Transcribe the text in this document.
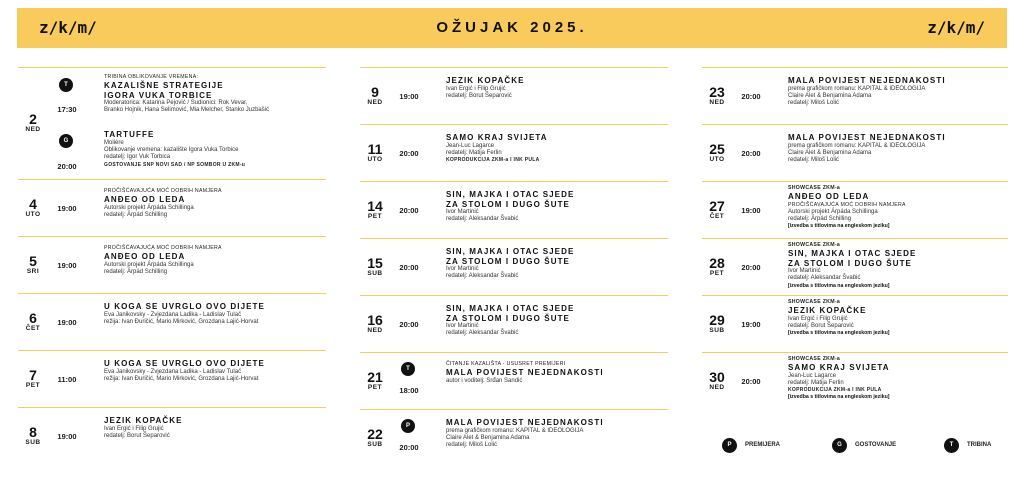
z/k/m/	OŽUJAK 2025.	z/k/m/
2
NED
T
17:30
TRIBINA OBLIKOVANJE VREMENA:
KAZALIŠNE STRATEGIJE
IGORA VUKA TORBICE
Moderatorica: Katarina Pejović / Sudionici: Rok Vevar,
Branko Hojnik, Hana Selimović, Mia Melcher, Stanko Juzbašić
G
20:00
TARTUFFE
Molière
Oblikovanje vremena: kazalište Igora Vuka Torbice
redatelj: Igor Vuk Torbica
GOSTOVANJE SNP NOVI SAD / NP SOMBOR U ZKM-u
4
UTO
19:00
PROČIŠĆAVAJUĆA MOĆ DOBRIH NAMJERA
ANĐEO OD LEDA
Autorski projekt Árpáda Schillinga
redatelj: Árpád Schilling
5
SRI
19:00
PROČIŠĆAVAJUĆA MOĆ DOBRIH NAMJERA
ANĐEO OD LEDA
Autorski projekt Árpáda Schillinga
redatelj: Árpád Schilling
6
ČET
19:00
U KOGA SE UVRGLO OVO DIJETE
Eva Janikovsky - Zvjezdana Ladika - Ladislav Tulač
režija: Ivan Đuričić, Mario Mirković, Grozdana Lajić-Horvat
7
PET
11:00
U KOGA SE UVRGLO OVO DIJETE
Eva Janikovsky - Zvjezdana Ladika - Ladislav Tulač
režija: Ivan Đuričić, Mario Mirković, Grozdana Lajić-Horvat
8
SUB
19:00
JEZIK KOPAČKE
Ivan Ergić i Filip Grujić
redatelj: Borut Šeparović
9
NED
19:00
JEZIK KOPAČKE
Ivan Ergić i Filip Grujić
redatelj: Borut Šeparović
11
UTO
20:00
SAMO KRAJ SVIJETA
Jean-Luc Lagarce
redatelj: Matija Ferlin
KOPRODUKCIJA ZKM-a I INK PULA
14
PET
20:00
SIN, MAJKA I OTAC SJEDE
ZA STOLOM I DUGO ŠUTE
Ivor Martinić
redatelj: Aleksandar Švabić
15
SUB
20:00
SIN, MAJKA I OTAC SJEDE
ZA STOLOM I DUGO ŠUTE
Ivor Martinić
redatelj: Aleksandar Švabić
16
NED
20:00
SIN, MAJKA I OTAC SJEDE
ZA STOLOM I DUGO ŠUTE
Ivor Martinić
redatelj: Aleksandar Švabić
21
PET
T
18:00
ČITANJE KAZALIŠTA - USUSRET PREMIJERI
MALA POVIJEST NEJEDNAKOSTI
autor i voditelj: Srđan Sandić
22
SUB
P
20:00
MALA POVIJEST NEJEDNAKOSTI
prema grafičkom romanu: KAPITAL & IDEOLOGIJA
Claire Alet & Benjamina Adama
redatelj: Miloš Lolić
23
NED
20:00
MALA POVIJEST NEJEDNAKOSTI
prema grafičkom romanu: KAPITAL & IDEOLOGIJA
Claire Alet & Benjamina Adama
redatelj: Miloš Lolić
25
UTO
20:00
MALA POVIJEST NEJEDNAKOSTI
prema grafičkom romanu: KAPITAL & IDEOLOGIJA
Claire Alet & Benjamina Adama
redatelj: Miloš Lolić
27
ČET
19:00
SHOWCASE ZKM-a
ANĐEO OD LEDA
PROČIŠĆAVAJUĆA MOĆ DOBRIH NAMJERA
Autorski projekt Árpáda Schillinga
redatelj: Árpád Schilling
[izvedba s titlovima na engleskom jeziku]
28
PET
20:00
SHOWCASE ZKM-a
SIN, MAJKA I OTAC SJEDE
ZA STOLOM I DUGO ŠUTE
Ivor Martinić
redatelj: Aleksandar Švabić
[izvedba s titlovima na engleskom jeziku]
29
SUB
19:00
SHOWCASE ZKM-a
JEZIK KOPAČKE
Ivan Ergić i Filip Grujić
redatelj: Borut Šeparović
[izvedba s titlovima na engleskom jeziku]
30
NED
20:00
SHOWCASE ZKM-a
SAMO KRAJ SVIJETA
Jean-Luc Lagarce
redatelj: Matija Ferlin
KOPRODUKCIJA ZKM-a I INK PULA
[izvedba s titlovima na engleskom jeziku]
P	PREMIJERA	G	GOSTOVANJE	T	TRIBINA
